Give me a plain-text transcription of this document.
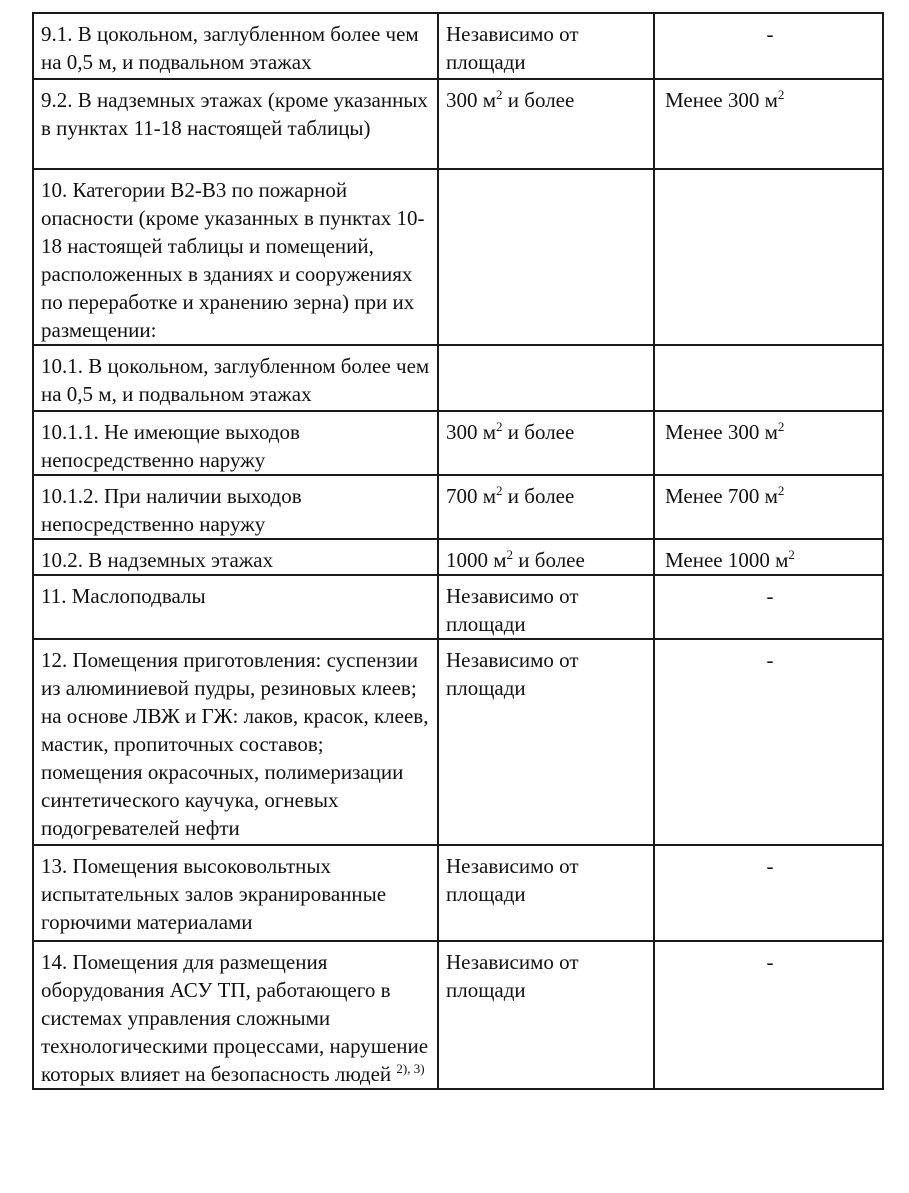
9.1. В цокольном, заглубленном более чем на 0,5 м, и подвальном этажах	Независимо от площади	-
9.2. В надземных этажах (кроме указанных в пунктах 11-18 настоящей таблицы)	300 $м^2$ и более	Менее 300 $м^2$
10. Категории В2-В3 по пожарной опасности (кроме указанных в пунктах 10-18 настоящей таблицы и помещений, расположенных в зданиях и сооружениях по переработке и хранению зерна) при их размещении:		
10.1. В цокольном, заглубленном более чем на 0,5 м, и подвальном этажах		
10.1.1. Не имеющие выходов непосредственно наружу	300 $м^2$ и более	Менее 300 $м^2$
10.1.2. При наличии выходов непосредственно наружу	700 $м^2$ и более	Менее 700 $м^2$
10.2. В надземных этажах	1000 $м^2$ и более	Менее 1000 $м^2$
11. Маслоподвалы	Независимо от площади	-
12. Помещения приготовления: суспензии из алюминиевой пудры, резиновых клеев; на основе ЛВЖ и ГЖ: лаков, красок, клеев, мастик, пропиточных составов; помещения окрасочных, полимеризации синтетического каучука, огневых подогревателей нефти	Независимо от площади	-
13. Помещения высоковольтных испытательных залов экранированные горючими материалами	Независимо от площади	-
14. Помещения для размещения оборудования АСУ ТП, работающего в системах управления сложными технологическими процессами, нарушение которых влияет на безопасность людей $^{2), 3)}$	Независимо от площади	-
